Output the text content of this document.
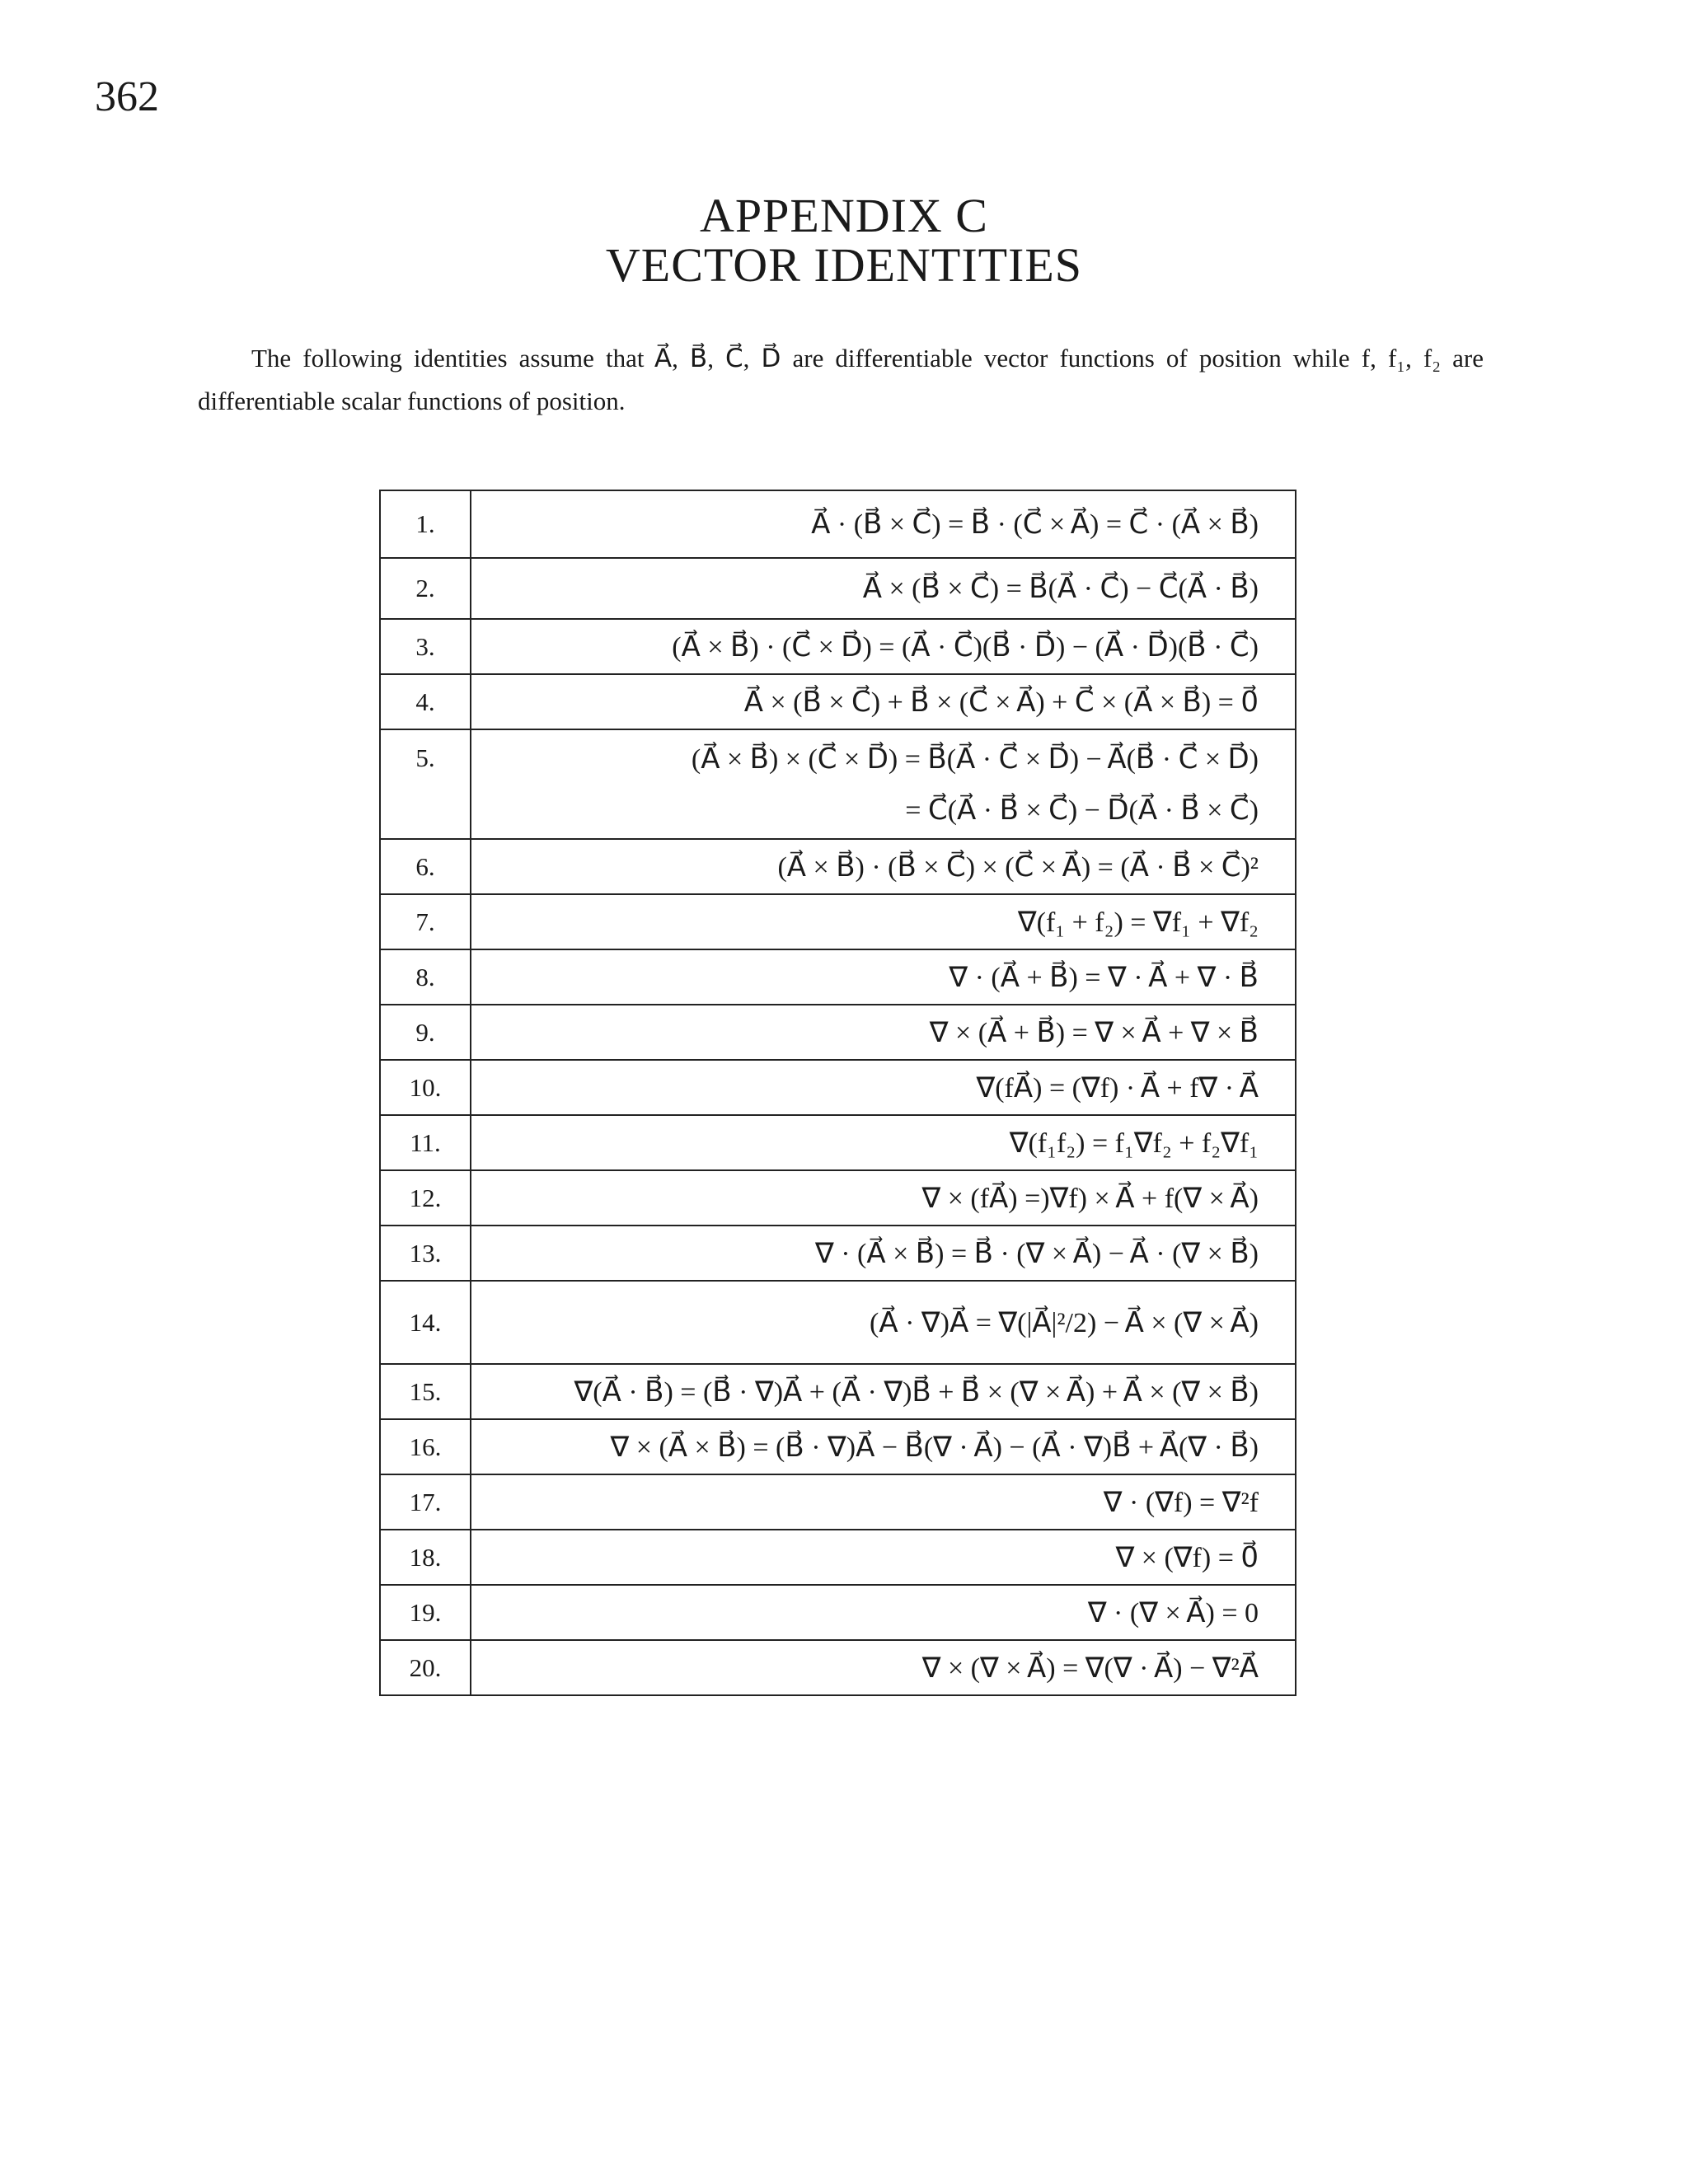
362
APPENDIX C
VECTOR IDENTITIES

The following identities assume that A⃗, B⃗, C⃗, D⃗ are differentiable vector functions of position while f, f₁, f₂ are differentiable scalar functions of position.

1.	A⃗ · (B⃗ × C⃗) = B⃗ · (C⃗ × A⃗) = C⃗ · (A⃗ × B⃗)
2.	A⃗ × (B⃗ × C⃗) = B⃗(A⃗ · C⃗) − C⃗(A⃗ · B⃗)
3.	(A⃗ × B⃗) · (C⃗ × D⃗) = (A⃗ · C⃗)(B⃗ · D⃗) − (A⃗ · D⃗)(B⃗ · C⃗)
4.	A⃗ × (B⃗ × C⃗) + B⃗ × (C⃗ × A⃗) + C⃗ × (A⃗ × B⃗) = 0⃗
5.	(A⃗ × B⃗) × (C⃗ × D⃗) = B⃗(A⃗ · C⃗ × D⃗) − A⃗(B⃗ · C⃗ × D⃗)
= C⃗(A⃗ · B⃗ × C⃗) − D⃗(A⃗ · B⃗ × C⃗)

6.	(A⃗ × B⃗) · (B⃗ × C⃗) × (C⃗ × A⃗) = (A⃗ · B⃗ × C⃗)²
7.	∇(f₁ + f₂) = ∇f₁ + ∇f₂
8.	∇ · (A⃗ + B⃗) = ∇ · A⃗ + ∇ · B⃗
9.	∇ × (A⃗ + B⃗) = ∇ × A⃗ + ∇ × B⃗
10.	∇(fA⃗) = (∇f) · A⃗ + f∇ · A⃗
11.	∇(f₁f₂) = f₁∇f₂ + f₂∇f₁
12.	∇ × (fA⃗) =)∇f) × A⃗ + f(∇ × A⃗)
13.	∇ · (A⃗ × B⃗) = B⃗ · (∇ × A⃗) − A⃗ · (∇ × B⃗)
14.	(A⃗ · ∇)A⃗ = ∇(|A⃗|²/2) − A⃗ × (∇ × A⃗)
15.	∇(A⃗ · B⃗) = (B⃗ · ∇)A⃗ + (A⃗ · ∇)B⃗ + B⃗ × (∇ × A⃗) + A⃗ × (∇ × B⃗)
16.	∇ × (A⃗ × B⃗) = (B⃗ · ∇)A⃗ − B⃗(∇ · A⃗) − (A⃗ · ∇)B⃗ + A⃗(∇ · B⃗)
17.	∇ · (∇f) = ∇²f
18.	∇ × (∇f) = 0⃗
19.	∇ · (∇ × A⃗) = 0
20.	∇ × (∇ × A⃗) = ∇(∇ · A⃗) − ∇²A⃗
